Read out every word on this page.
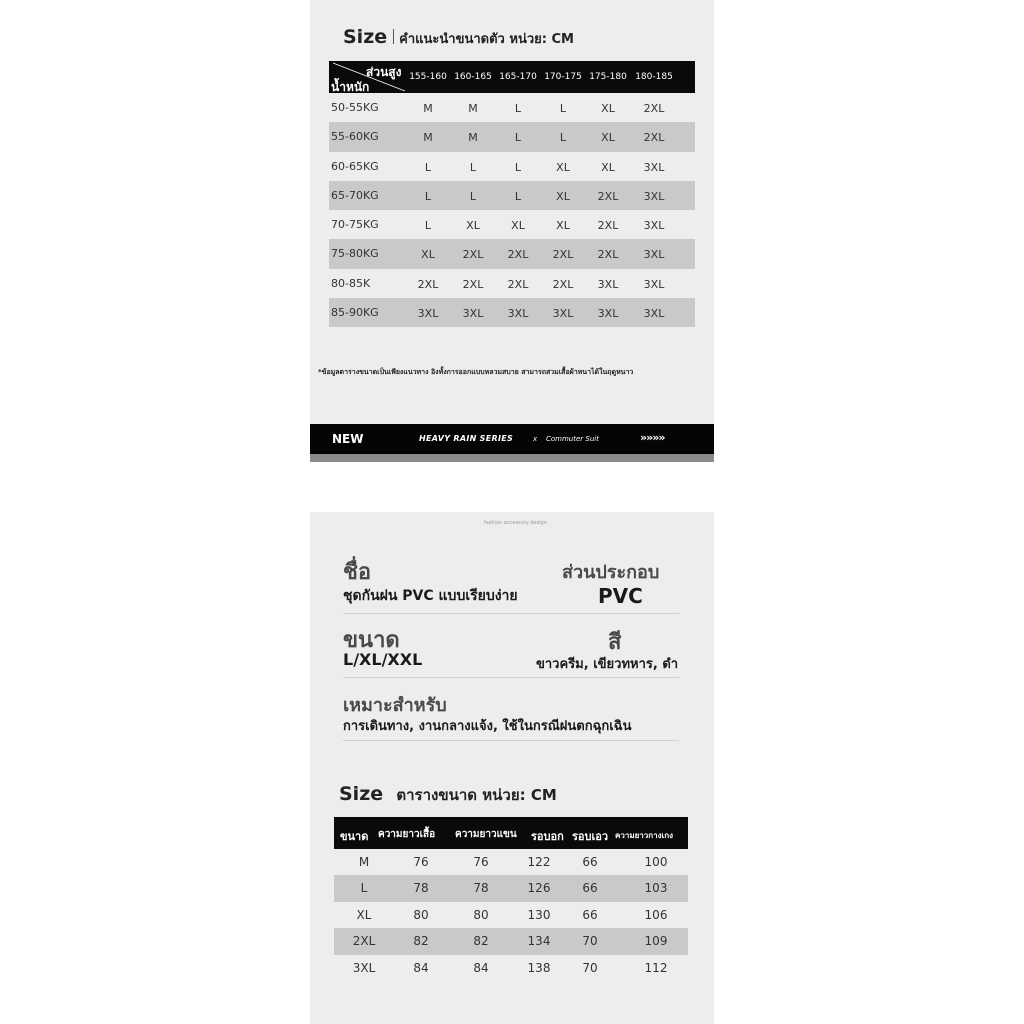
Size คำแนะนำขนาดตัว หน่วย: CM
ส่วนสูง
น้ำหนัก
155-160 160-165 165-170 170-175 175-180 180-185
50-55KG	M	M	L	L	XL	2XL
55-60KG	M	M	L	L	XL	2XL
60-65KG	L	L	L	XL	XL	3XL
65-70KG	L	L	L	XL	2XL	3XL
70-75KG	L	XL	XL	XL	2XL	3XL
75-80KG	XL	2XL	2XL	2XL	2XL	3XL
80-85K	2XL	2XL	2XL	2XL	3XL	3XL
85-90KG	3XL	3XL	3XL	3XL	3XL	3XL
*ข้อมูลตารางขนาดเป็นเพียงแนวทาง อิงทั้งการออกแบบหลวมสบาย สามารถสวมเสื้อผ้าหนาได้ในฤดูหนาว
NEW	HEAVY RAIN SERIES	x Commuter Suit	»»»»
fashion accessory design
ชื่อ
ชุดกันฝน PVC แบบเรียบง่าย
ส่วนประกอบ
PVC
ขนาด
L/XL/XXL
สี
ขาวครีม, เขียวทหาร, ดำ
เหมาะสำหรับ
การเดินทาง, งานกลางแจ้ง, ใช้ในกรณีฝนตกฉุกเฉิน
Size ตารางขนาด หน่วย: CM
ขนาด ความยาวเสื้อ ความยาวแขน รอบอก รอบเอว ความยาวกางเกง
M	76	76	122	66	100
L	78	78	126	66	103
XL	80	80	130	66	106
2XL	82	82	134	70	109
3XL	84	84	138	70	112
